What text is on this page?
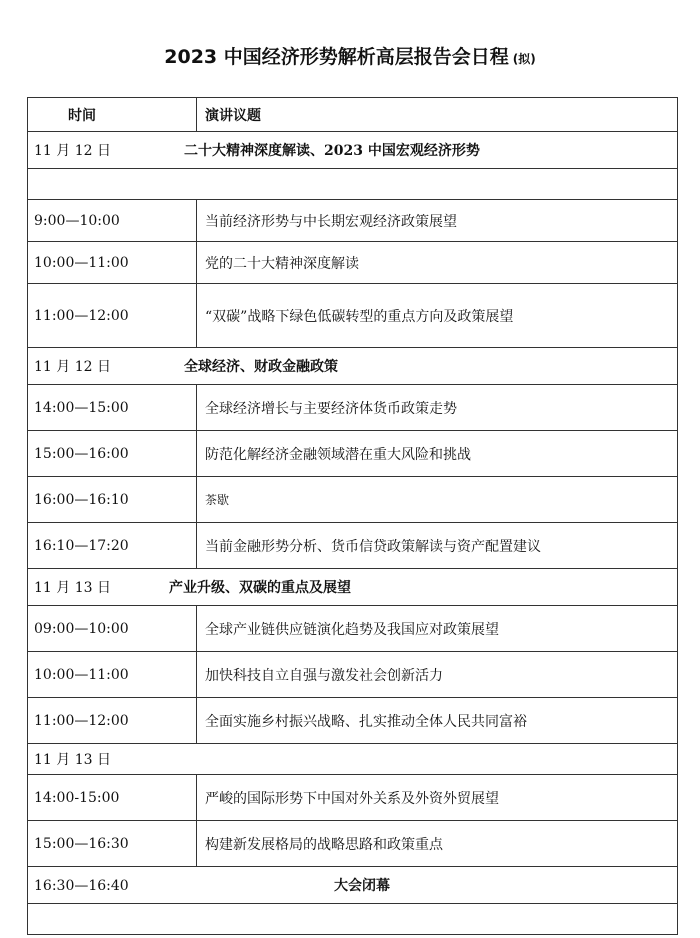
2023 中国经济形势解析高层报告会日程 (拟)
时间	演讲议题
11 月 12 日 二十大精神深度解读、2023 中国宏观经济形势	

9:00—10:00	当前经济形势与中长期宏观经济政策展望
10:00—11:00	党的二十大精神深度解读
11:00—12:00	“双碳”战略下绿色低碳转型的重点方向及政策展望
11 月 12 日 全球经济、财政金融政策	
14:00—15:00	全球经济增长与主要经济体货币政策走势
15:00—16:00	防范化解经济金融领域潜在重大风险和挑战
16:00—16:10	茶歇
16:10—17:20	当前金融形势分析、货币信贷政策解读与资产配置建议
11 月 13 日 产业升级、双碳的重点及展望	
09:00—10:00	全球产业链供应链演化趋势及我国应对政策展望
10:00—11:00	加快科技自立自强与激发社会创新活力
11:00—12:00	全面实施乡村振兴战略、扎实推动全体人民共同富裕
11 月 13 日	
14:00-15:00	严峻的国际形势下中国对外关系及外资外贸展望
15:00—16:30	构建新发展格局的战略思路和政策重点
16:30—16:40 大会闭幕	
